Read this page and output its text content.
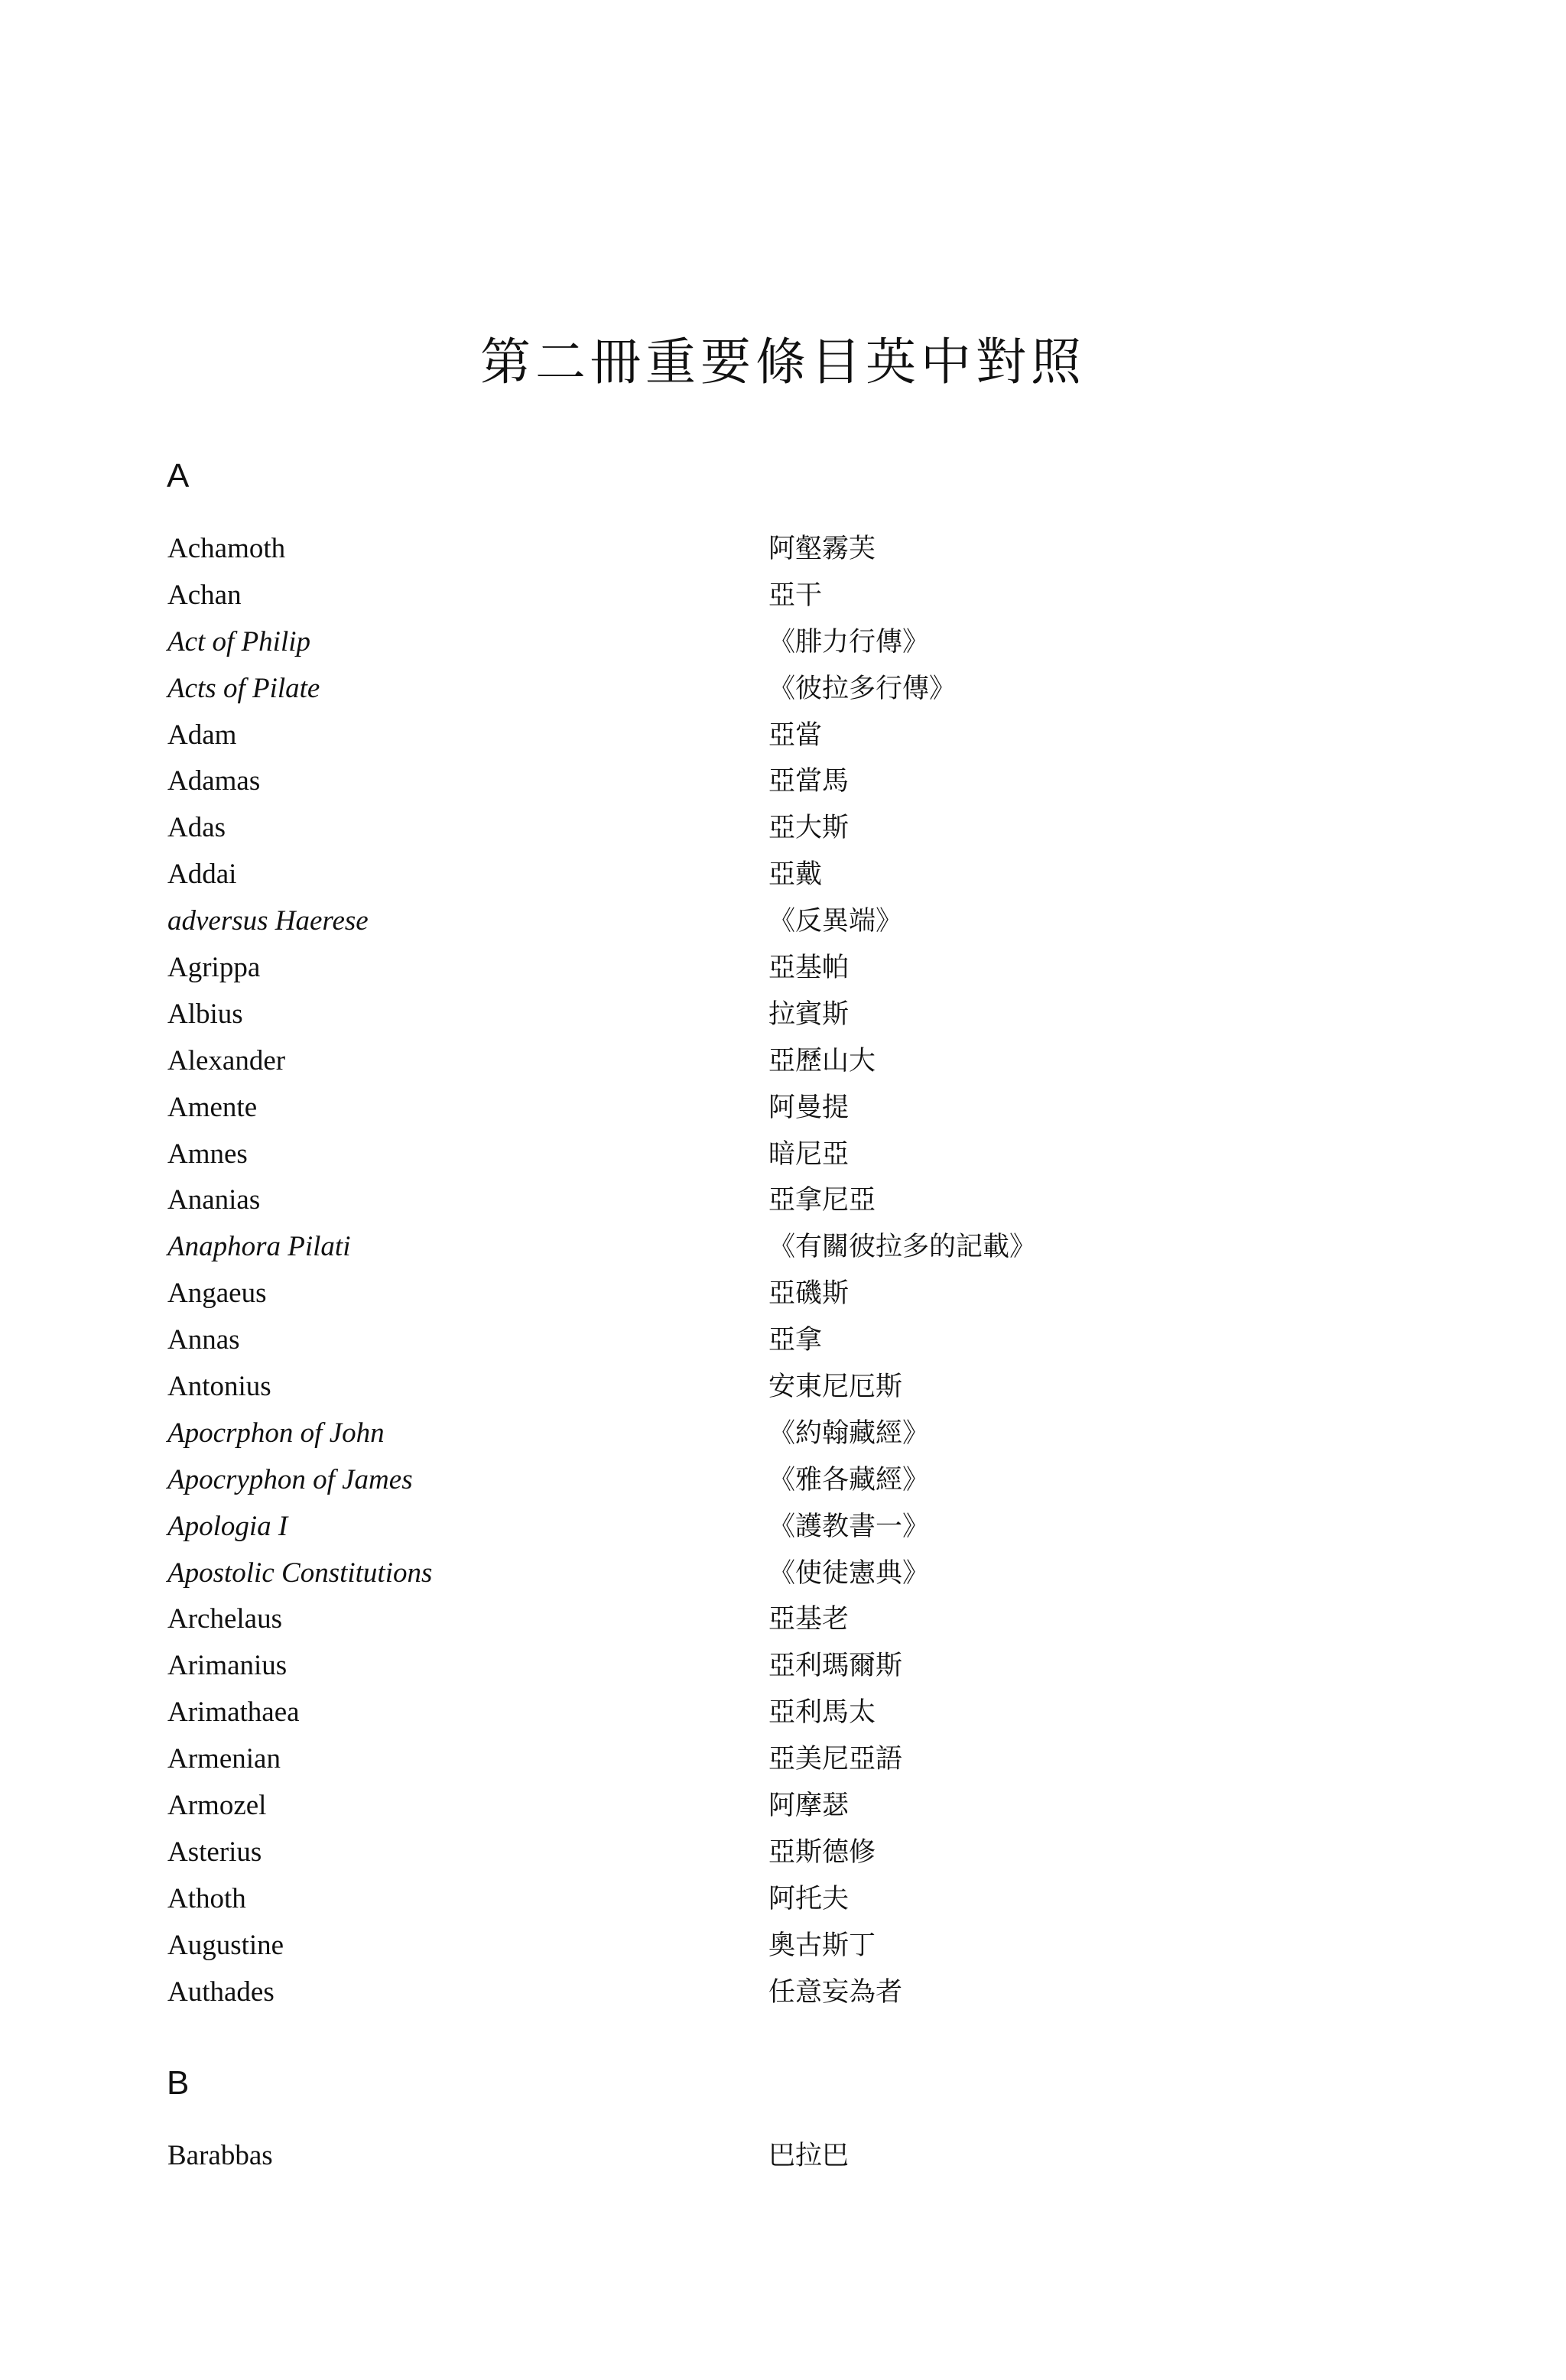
第二冊重要條目英中對照
A
Achamoth	阿壑霧芙
Achan	亞干
Act of Philip	《腓力行傳》
Acts of Pilate	《彼拉多行傳》
Adam	亞當
Adamas	亞當馬
Adas	亞大斯
Addai	亞戴
adversus Haerese	《反異端》
Agrippa	亞基帕
Albius	拉賓斯
Alexander	亞歷山大
Amente	阿曼提
Amnes	暗尼亞
Ananias	亞拿尼亞
Anaphora Pilati	《有關彼拉多的記載》
Angaeus	亞磯斯
Annas	亞拿
Antonius	安東尼厄斯
Apocrphon of John	《約翰藏經》
Apocryphon of James	《雅各藏經》
Apologia I	《護教書一》
Apostolic Constitutions	《使徒憲典》
Archelaus	亞基老
Arimanius	亞利瑪爾斯
Arimathaea	亞利馬太
Armenian	亞美尼亞語
Armozel	阿摩瑟
Asterius	亞斯德修
Athoth	阿托夫
Augustine	奧古斯丁
Authades	任意妄為者
B
Barabbas	巴拉巴
